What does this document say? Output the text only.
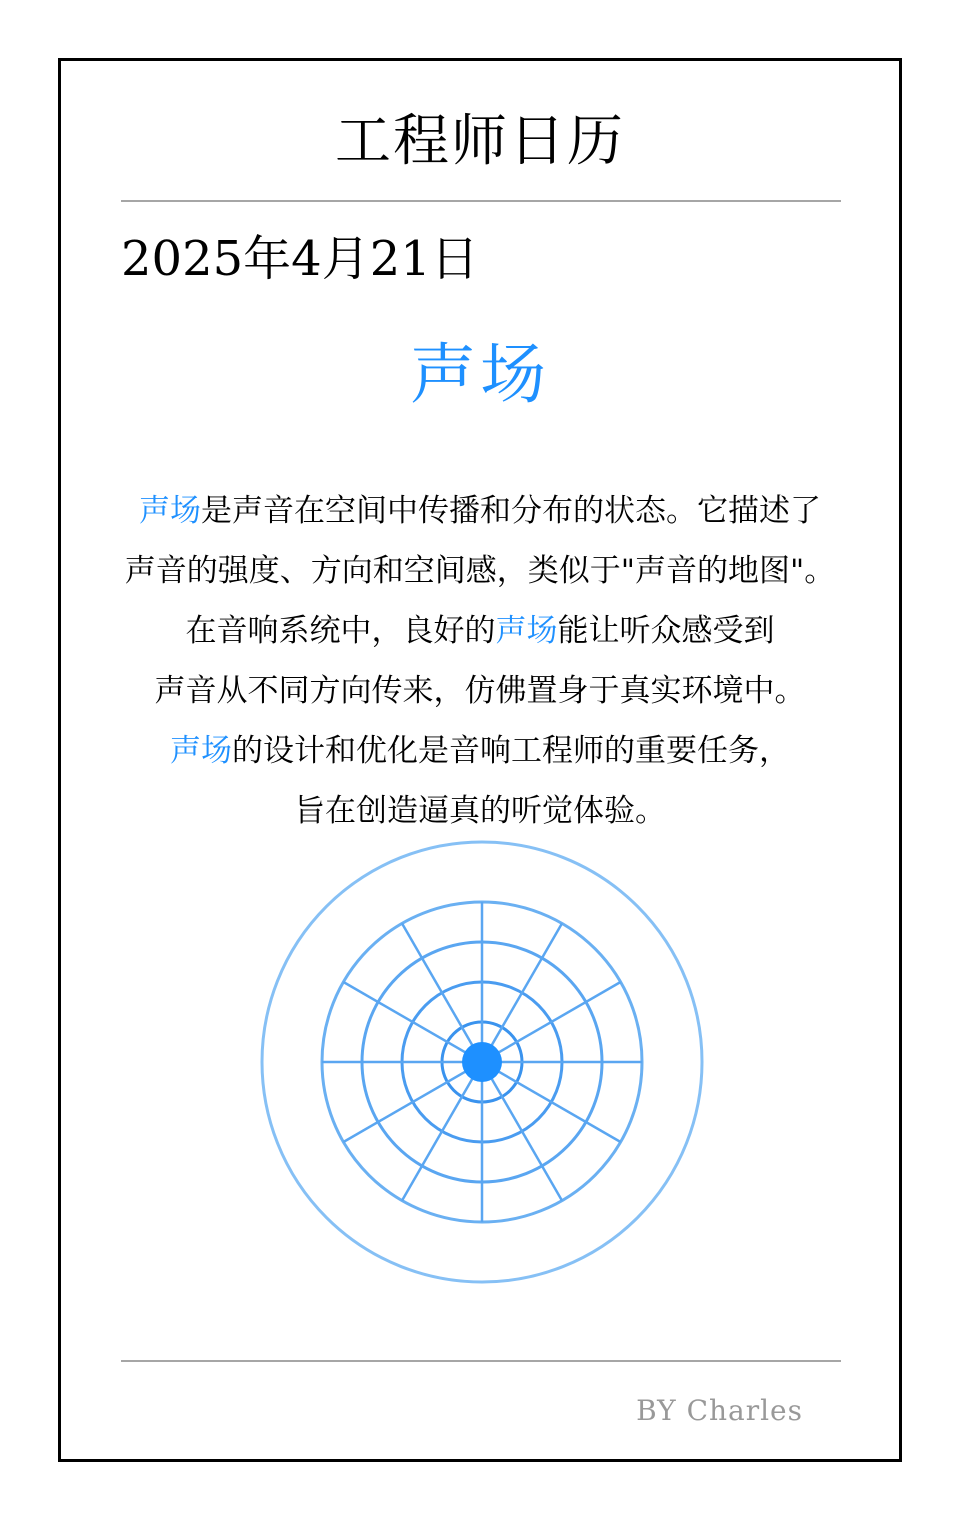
工程师日历
2025年4月21日
声场
声场是声音在空间中传播和分布的状态。它描述了
声音的强度、方向和空间感，类似于"声音的地图"。
在音响系统中，良好的声场能让听众感受到
声音从不同方向传来，仿佛置身于真实环境中。
声场的设计和优化是音响工程师的重要任务，
旨在创造逼真的听觉体验。
BY Charles
